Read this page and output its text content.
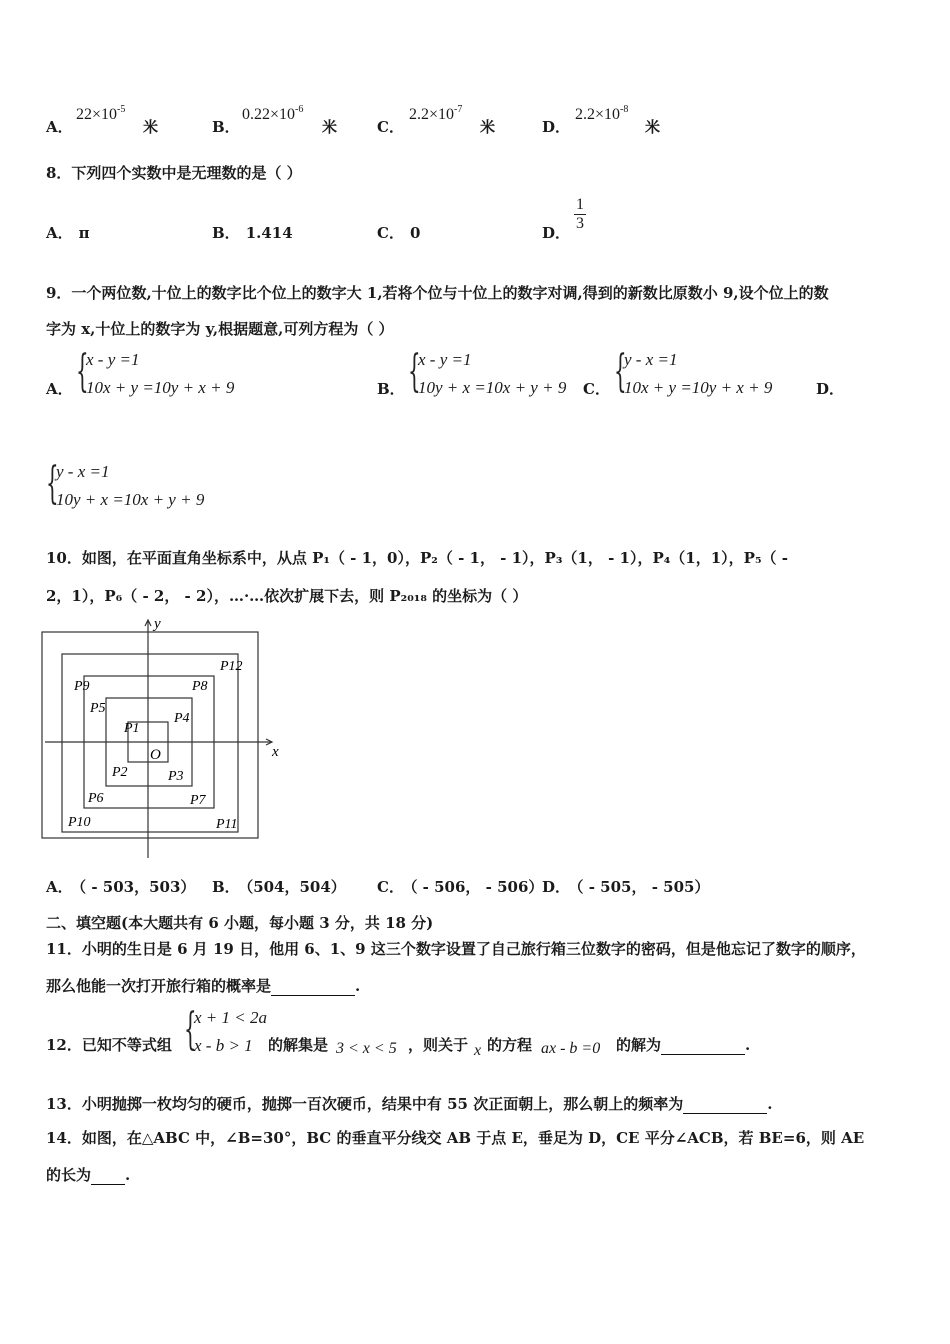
A．
$22\times 10^{-5}$
米	B．
$0.22\times 10^{-6}$
米	C．
$2.2\times 10^{-7}$
米	D．
$2.2\times 10^{-8}$
米
8．下列四个实数中是无理数的是（ ）
A． π	B． 1.414	C． 0	D． $\frac{1}{3}$
9．一个两位数,十位上的数字比个位上的数字大 1,若将个位与十位上的数字对调,得到的新数比原数小 9,设个位上的数
字为 x,十位上的数字为 y,根据题意,可列方程为（ ）
A． {
x - y =1
10x + y =10y + x + 9	B． {
x - y =1
10y + x =10x + y + 9 C． {
y - x =1
10x + y =10y + x + 9	D．
{
y - x =1
10y + x =10x + y + 9
10．如图，在平面直角坐标系中，从点 P₁（ - 1，0），P₂（ - 1， - 1），P₃（1， - 1），P₄（1，1），P₅（ -
2，1），P₆（ - 2， - 2），…·…依次扩展下去，则 P₂₀₁₈ 的坐标为（ ）
x
y
O
P1
P2	P3
P4
P5
P6	P7
P8
P9
P10	P11
P12
A． （ - 503，503） B． （504，504） C． （ - 506， - 506）
D． （ - 505， - 505）
二、填空题(本大题共有 6 小题，每小题 3 分，共 18 分)
11．小明的生日是 6 月 19 日，他用 6、1、9 这三个数字设置了自己旅行箱三位数字的密码，但是他忘记了数字的顺序，
那么他能一次打开旅行箱的概率是	.
12．已知不等式组 {
x + 1 < 2a
x - b > 1 的解集是 3 < x < 5 ，则关于 x 的方程 ax - b =0 的解为	.
13．小明抛掷一枚均匀的硬币，抛掷一百次硬币，结果中有 55 次正面朝上，那么朝上的频率为	.
14．如图，在△ABC 中，∠B=30°，BC 的垂直平分线交 AB 于点 E，垂足为 D，CE 平分∠ACB，若 BE=6，则 AE
的长为 .
